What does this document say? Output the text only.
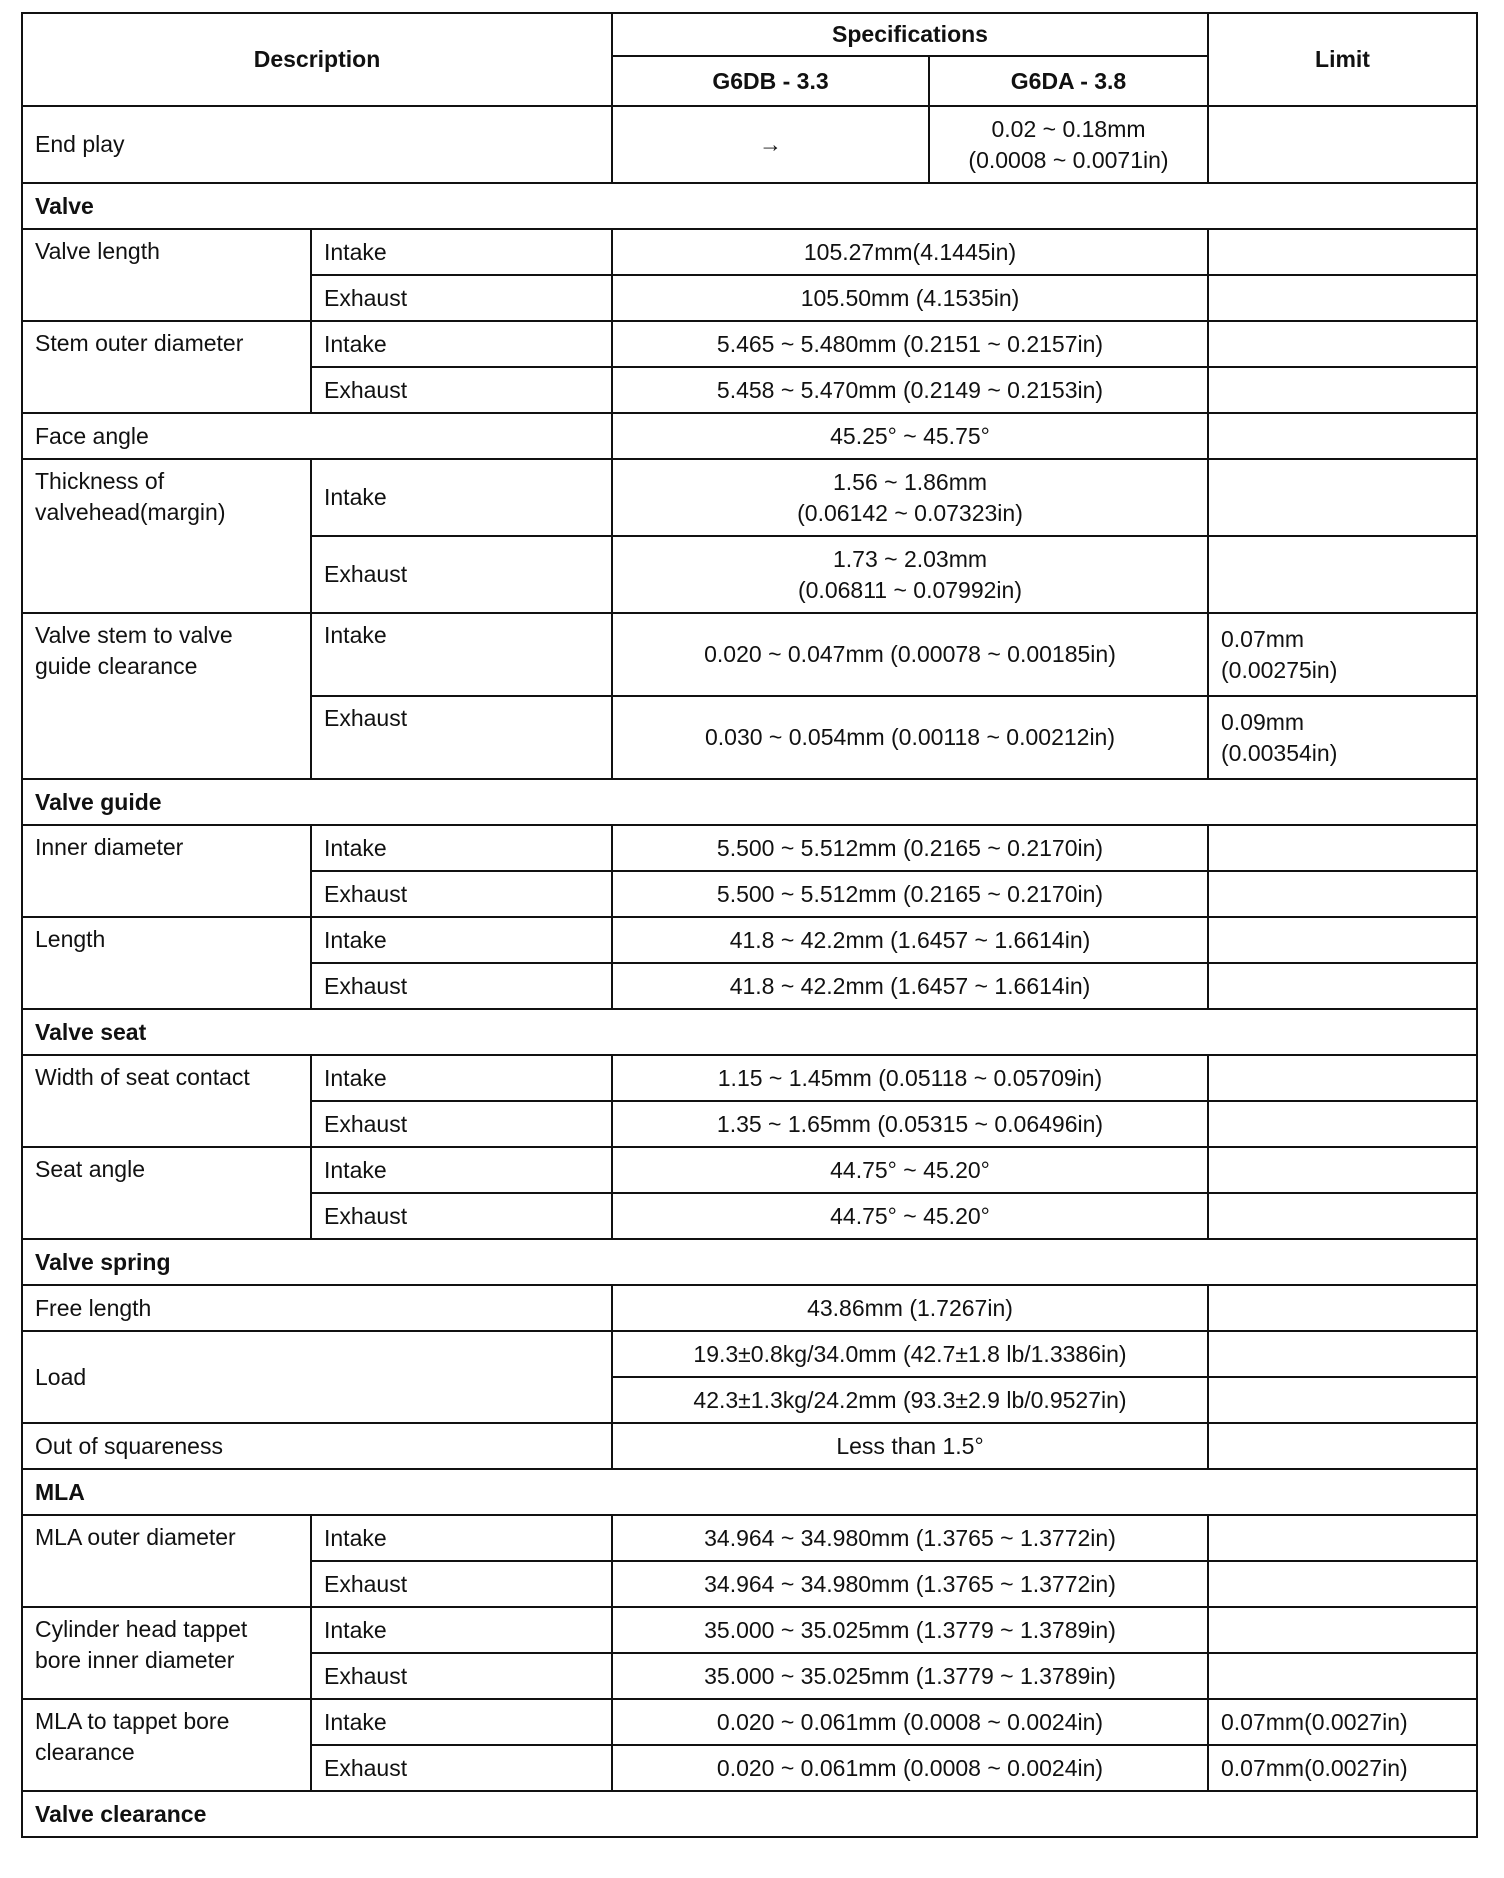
Description		Specifications		Limit
		G6DB - 3.3	G6DA - 3.8	
End play		→	0.02 ~ 0.18mm
(0.0008 ~ 0.0071in)	
Valve				
Valve length	Intake	105.27mm(4.1445in)		
	Exhaust	105.50mm (4.1535in)		
Stem outer diameter	Intake	5.465 ~ 5.480mm (0.2151 ~ 0.2157in)		
	Exhaust	5.458 ~ 5.470mm (0.2149 ~ 0.2153in)		
Face angle		45.25° ~ 45.75°		
Thickness of
valvehead(margin)	Intake	1.56 ~ 1.86mm
(0.06142 ~ 0.07323in)		
	Exhaust	1.73 ~ 2.03mm
(0.06811 ~ 0.07992in)		
Valve stem to valve
guide clearance	Intake	0.020 ~ 0.047mm (0.00078 ~ 0.00185in)		0.07mm
(0.00275in)
	Exhaust	0.030 ~ 0.054mm (0.00118 ~ 0.00212in)		0.09mm
(0.00354in)
Valve guide				
Inner diameter	Intake	5.500 ~ 5.512mm (0.2165 ~ 0.2170in)		
	Exhaust	5.500 ~ 5.512mm (0.2165 ~ 0.2170in)		
Length	Intake	41.8 ~ 42.2mm (1.6457 ~ 1.6614in)		
	Exhaust	41.8 ~ 42.2mm (1.6457 ~ 1.6614in)		
Valve seat				
Width of seat contact	Intake	1.15 ~ 1.45mm (0.05118 ~ 0.05709in)		
	Exhaust	1.35 ~ 1.65mm (0.05315 ~ 0.06496in)		
Seat angle	Intake	44.75° ~ 45.20°		
	Exhaust	44.75° ~ 45.20°		
Valve spring				
Free length		43.86mm (1.7267in)		
Load		19.3±0.8kg/34.0mm (42.7±1.8 lb/1.3386in)		
		42.3±1.3kg/24.2mm (93.3±2.9 lb/0.9527in)		
Out of squareness		Less than 1.5°		
MLA				
MLA outer diameter	Intake	34.964 ~ 34.980mm (1.3765 ~ 1.3772in)		
	Exhaust	34.964 ~ 34.980mm (1.3765 ~ 1.3772in)		
Cylinder head tappet
bore inner diameter	Intake	35.000 ~ 35.025mm (1.3779 ~ 1.3789in)		
	Exhaust	35.000 ~ 35.025mm (1.3779 ~ 1.3789in)		
MLA to tappet bore
clearance	Intake	0.020 ~ 0.061mm (0.0008 ~ 0.0024in)		0.07mm(0.0027in)
	Exhaust	0.020 ~ 0.061mm (0.0008 ~ 0.0024in)		0.07mm(0.0027in)
Valve clearance				
